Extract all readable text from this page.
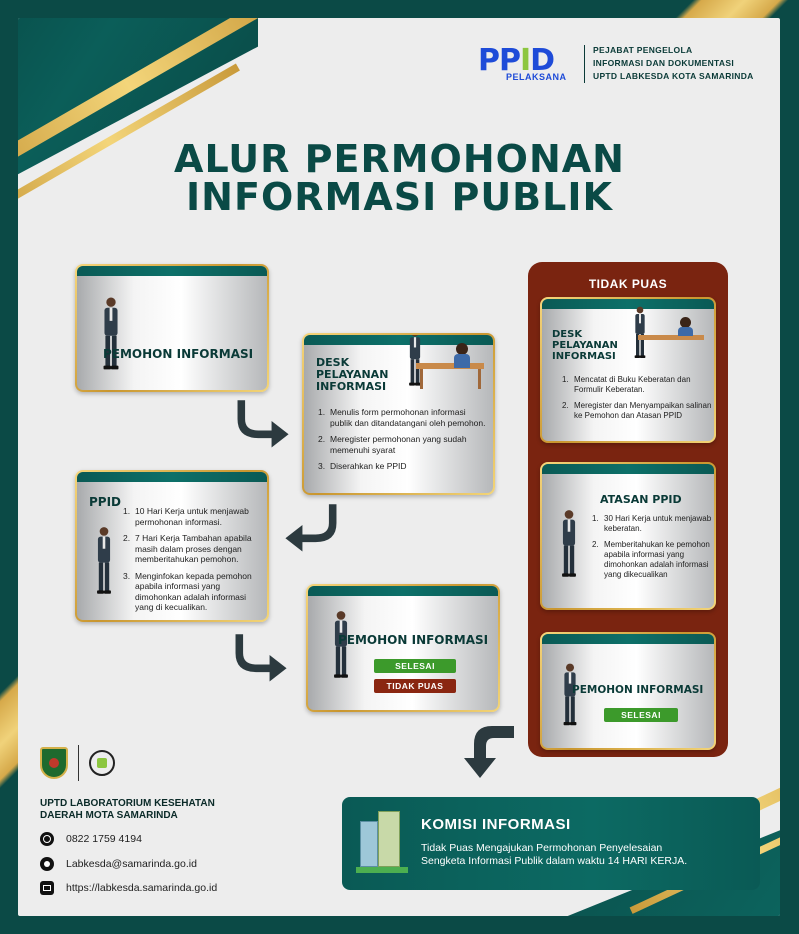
PPID
PELAKSANA
PEJABAT PENGELOLA
INFORMASI DAN DOKUMENTASI
UPTD LABKESDA KOTA SAMARINDA
ALUR PERMOHONAN
INFORMASI PUBLIK
PEMOHON INFORMASI
DESK
PELAYANAN
INFORMASI
1. Menulis form permohonan informasi publik dan ditandatangani oleh pemohon.
2. Meregister permohonan yang sudah memenuhi syarat
3. Diserahkan ke PPID
PPID
1. 10 Hari Kerja untuk menjawab permohonan informasi.
2. 7 Hari Kerja Tambahan apabila masih dalam proses dengan memberitahukan pemohon.
3. Menginfokan kepada pemohon apabila informasi yang dimohonkan adalah informasi yang di kecualikan.
PEMOHON INFORMASI
SELESAI
TIDAK PUAS
TIDAK PUAS
DESK
PELAYANAN
INFORMASI
1. Mencatat di Buku Keberatan dan Formulir Keberatan.
2. Meregister dan Menyampaikan salinan ke Pemohon dan Atasan PPID
ATASAN PPID
1. 30 Hari Kerja untuk menjawab keberatan.
2. Memberitahukan ke pemohon apabila informasi yang dimohonkan adalah informasi yang dikecualikan
PEMOHON INFORMASI
SELESAI
UPTD LABORATORIUM KESEHATAN
DAERAH MOTA SAMARINDA
0822 1759 4194
Labkesda@samarinda.go.id
https://labkesda.samarinda.go.id
KOMISI INFORMASI
Tidak Puas Mengajukan Permohonan Penyelesaian
Sengketa Informasi Publik dalam waktu 14 HARI KERJA.
